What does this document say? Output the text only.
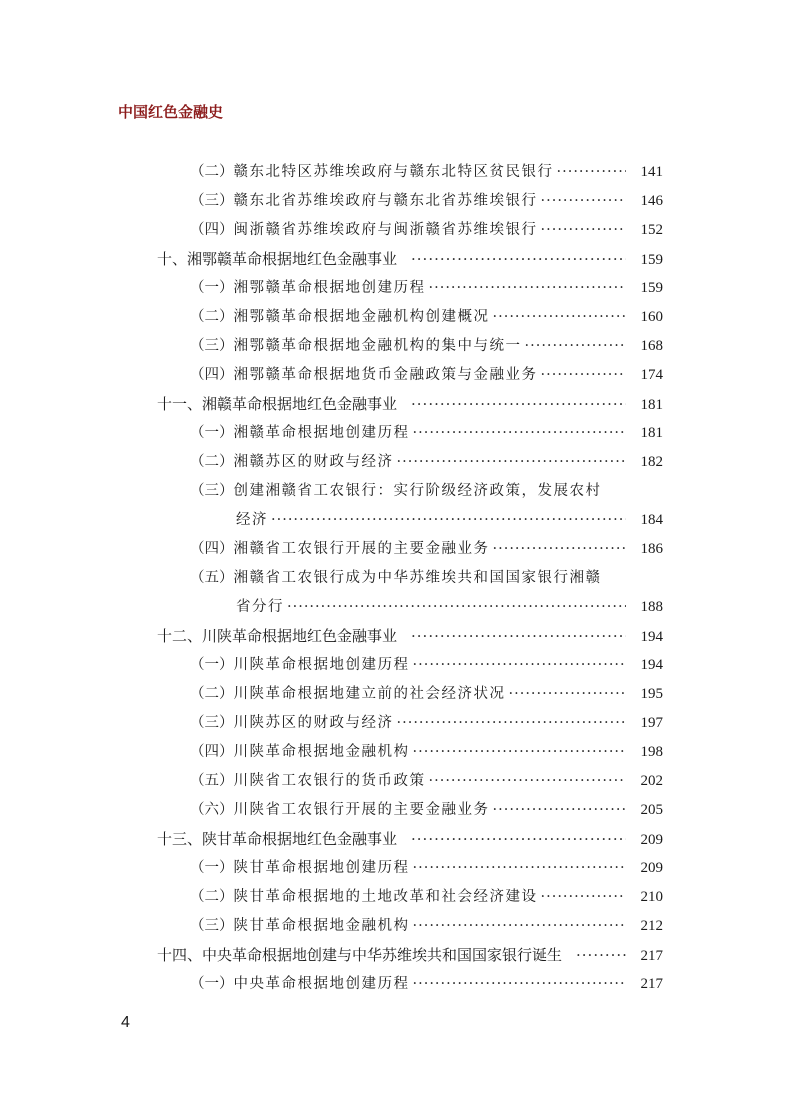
中国红色金融史
（二）赣东北特区苏维埃政府与赣东北特区贫民银行 ·····	141
（三）赣东北省苏维埃政府与赣东北省苏维埃银行 ·····	146
（四）闽浙赣省苏维埃政府与闽浙赣省苏维埃银行 ·····	152
十、湘鄂赣革命根据地红色金融事业 ·····	159
（一）湘鄂赣革命根据地创建历程 ·····	159
（二）湘鄂赣革命根据地金融机构创建概况 ·····	160
（三）湘鄂赣革命根据地金融机构的集中与统一 ·····	168
（四）湘鄂赣革命根据地货币金融政策与金融业务 ·····	174
十一、湘赣革命根据地红色金融事业 ·····	181
（一）湘赣革命根据地创建历程 ·····	181
（二）湘赣苏区的财政与经济 ·····	182
（三）创建湘赣省工农银行：实行阶级经济政策，发展农村
经济 ·····	184
（四）湘赣省工农银行开展的主要金融业务 ·····	186
（五）湘赣省工农银行成为中华苏维埃共和国国家银行湘赣
省分行 ·····	188
十二、川陕革命根据地红色金融事业 ·····	194
（一）川陕革命根据地创建历程 ·····	194
（二）川陕革命根据地建立前的社会经济状况 ·····	195
（三）川陕苏区的财政与经济 ·····	197
（四）川陕革命根据地金融机构 ·····	198
（五）川陕省工农银行的货币政策 ·····	202
（六）川陕省工农银行开展的主要金融业务 ·····	205
十三、陕甘革命根据地红色金融事业 ·····	209
（一）陕甘革命根据地创建历程 ·····	209
（二）陕甘革命根据地的土地改革和社会经济建设 ·····	210
（三）陕甘革命根据地金融机构 ·····	212
十四、中央革命根据地创建与中华苏维埃共和国国家银行诞生 ·····	217
（一）中央革命根据地创建历程 ·····	217
4
